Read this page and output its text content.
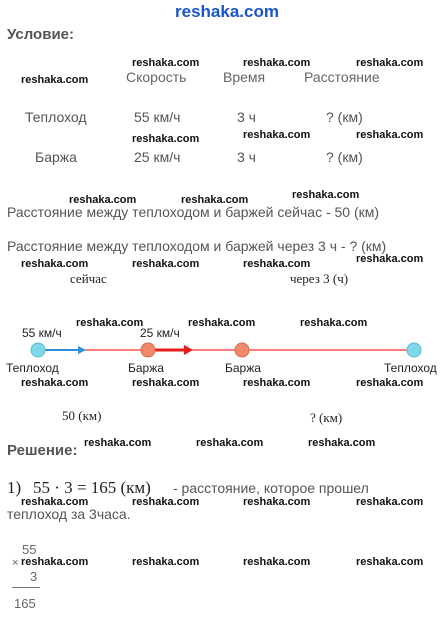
reshaka.com
Условие:
reshaka.com	reshaka.com	reshaka.com
reshaka.com	Скорость	Время	Расстояние
Теплоход	55 км/ч	3 ч	? (км)
reshaka.com	reshaka.com	reshaka.com
Баржа	25 км/ч	3 ч	? (км)
reshaka.com	reshaka.com	reshaka.com
Расстояние между теплоходом и баржей сейчас - 50 (км)
Расстояние между теплоходом и баржей через 3 ч - ? (км)
reshaka.com	reshaka.com	reshaka.com	reshaka.com
сейчас	через 3 (ч)
reshaka.com	reshaka.com	reshaka.com
55 км/ч	25 км/ч
Теплоход	Баржа	Баржа	Теплоход
reshaka.com	reshaka.com	reshaka.com	reshaka.com
50 (км)	? (км)
Решение: reshaka.com	reshaka.com	reshaka.com
1) 55 · 3 = 165 (км) - расстояние, которое прошел
теплоход за 3часа.
reshaka.com	reshaka.com	reshaka.com	reshaka.com
55
×
3
165
reshaka.com	reshaka.com	reshaka.com	reshaka.com
